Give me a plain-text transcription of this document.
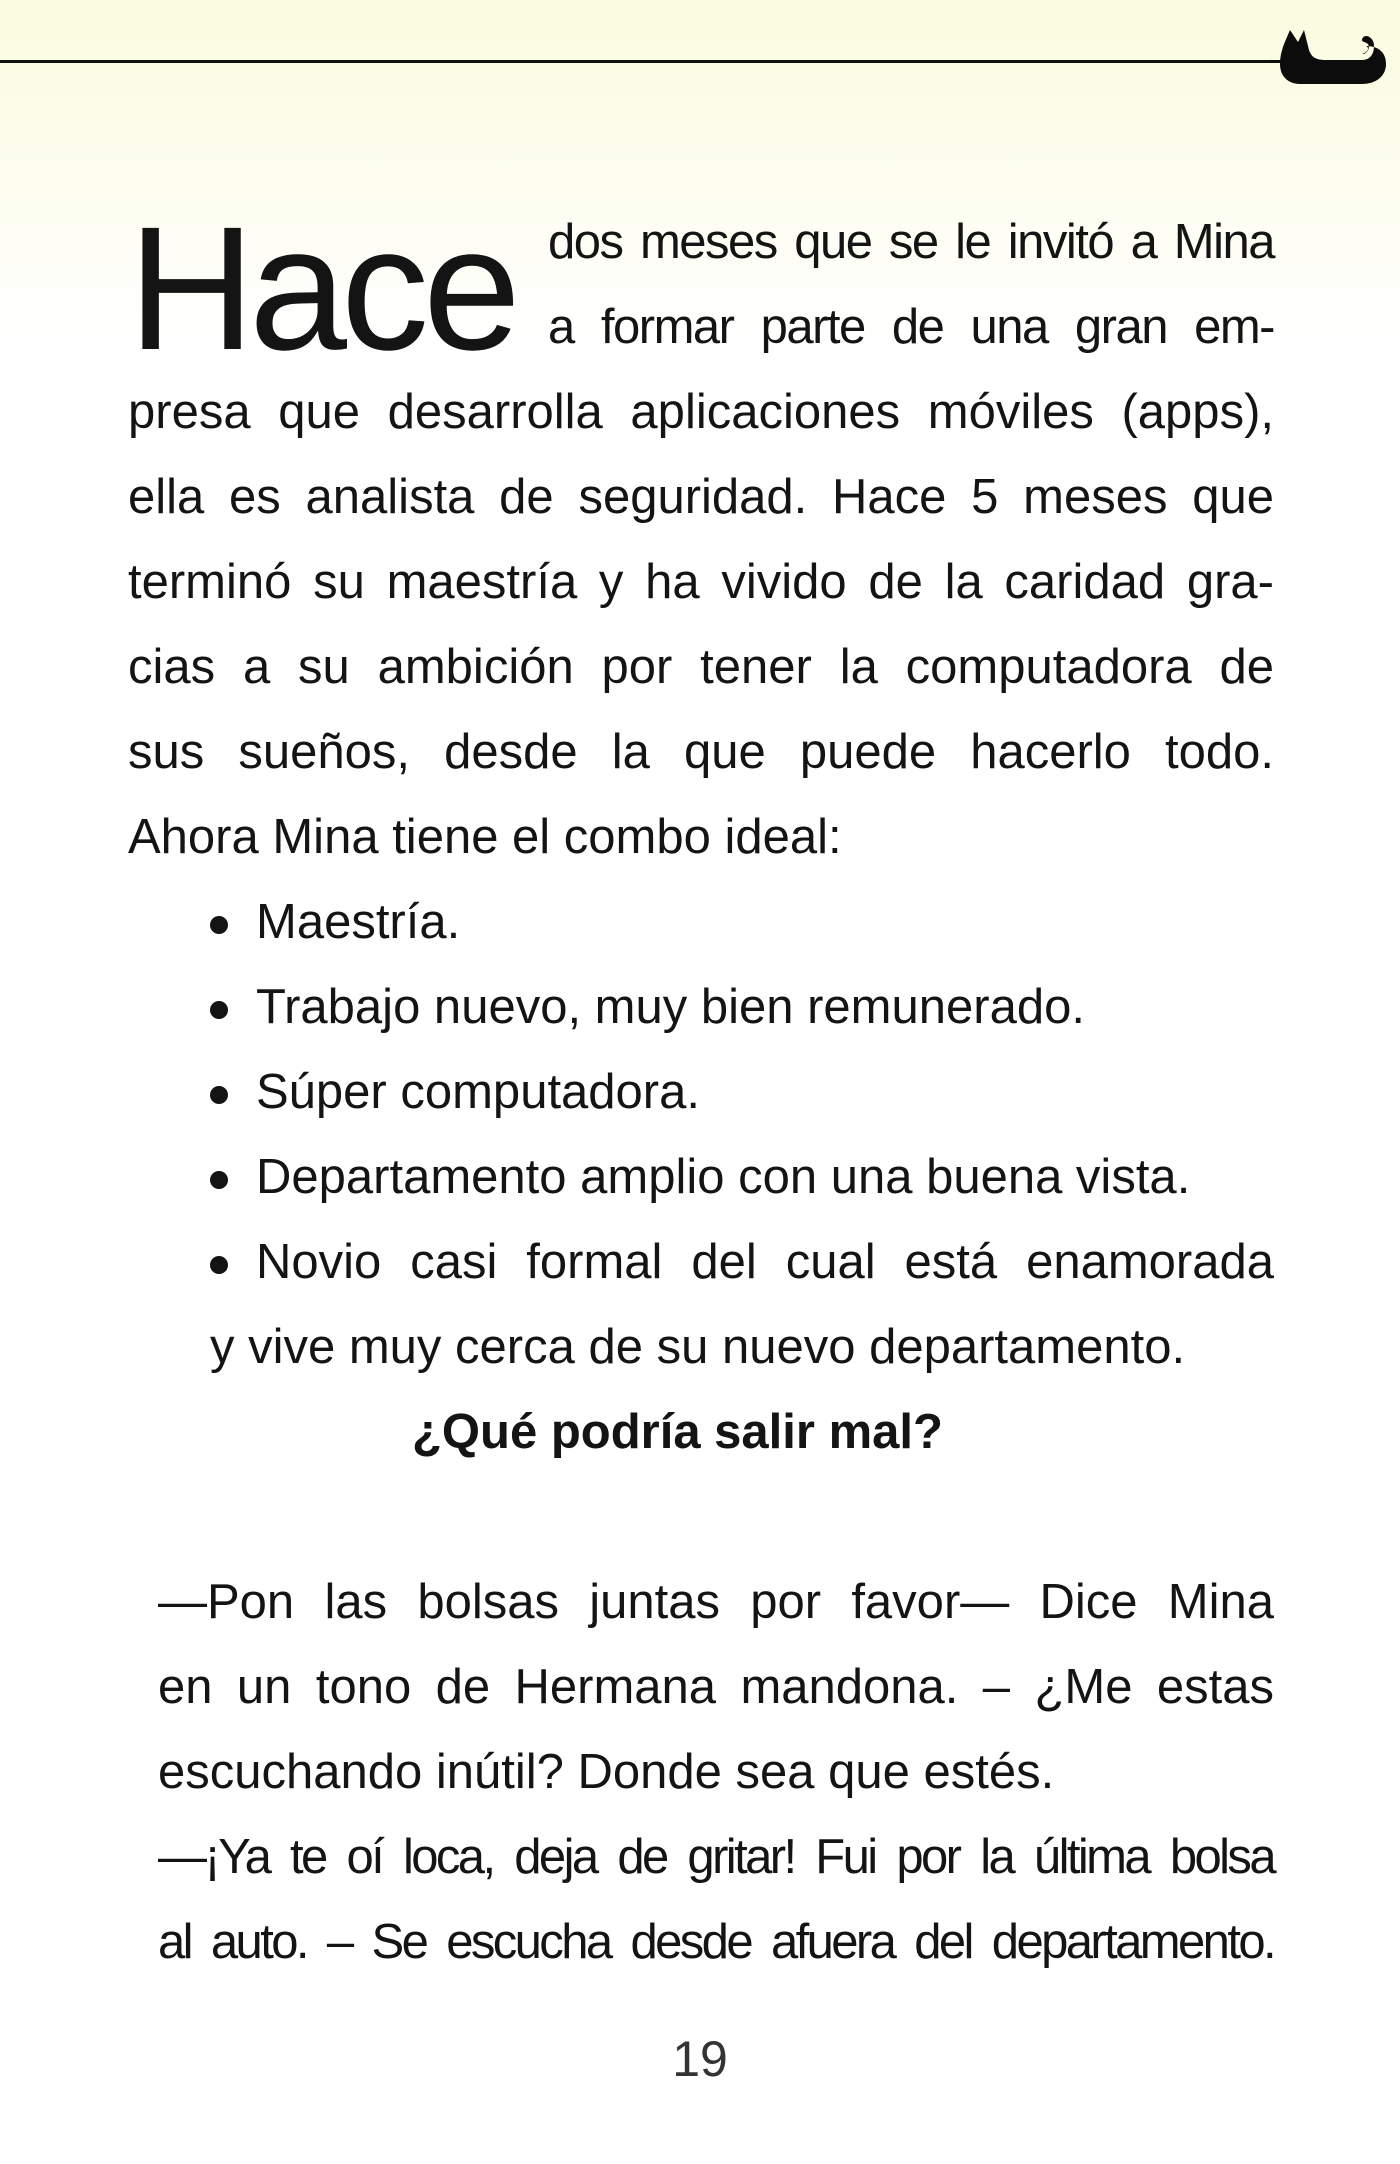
Hace dos meses que se le invitó a Mina
a formar parte de una gran em-
presa que desarrolla aplicaciones móviles (apps),
ella es analista de seguridad. Hace 5 meses que
terminó su maestría y ha vivido de la caridad gra-
cias a su ambición por tener la computadora de
sus sueños, desde la que puede hacerlo todo.
Ahora Mina tiene el combo ideal:
Maestría.
Trabajo nuevo, muy bien remunerado.
Súper computadora.
Departamento amplio con una buena vista.
Novio casi formal del cual está enamorada
y vive muy cerca de su nuevo departamento.
¿Qué podría salir mal?
—Pon las bolsas juntas por favor— Dice Mina
en un tono de Hermana mandona. – ¿Me estas
escuchando inútil? Donde sea que estés.
—¡Ya te oí loca, deja de gritar! Fui por la última bolsa
al auto. – Se escucha desde afuera del departamento.
19
